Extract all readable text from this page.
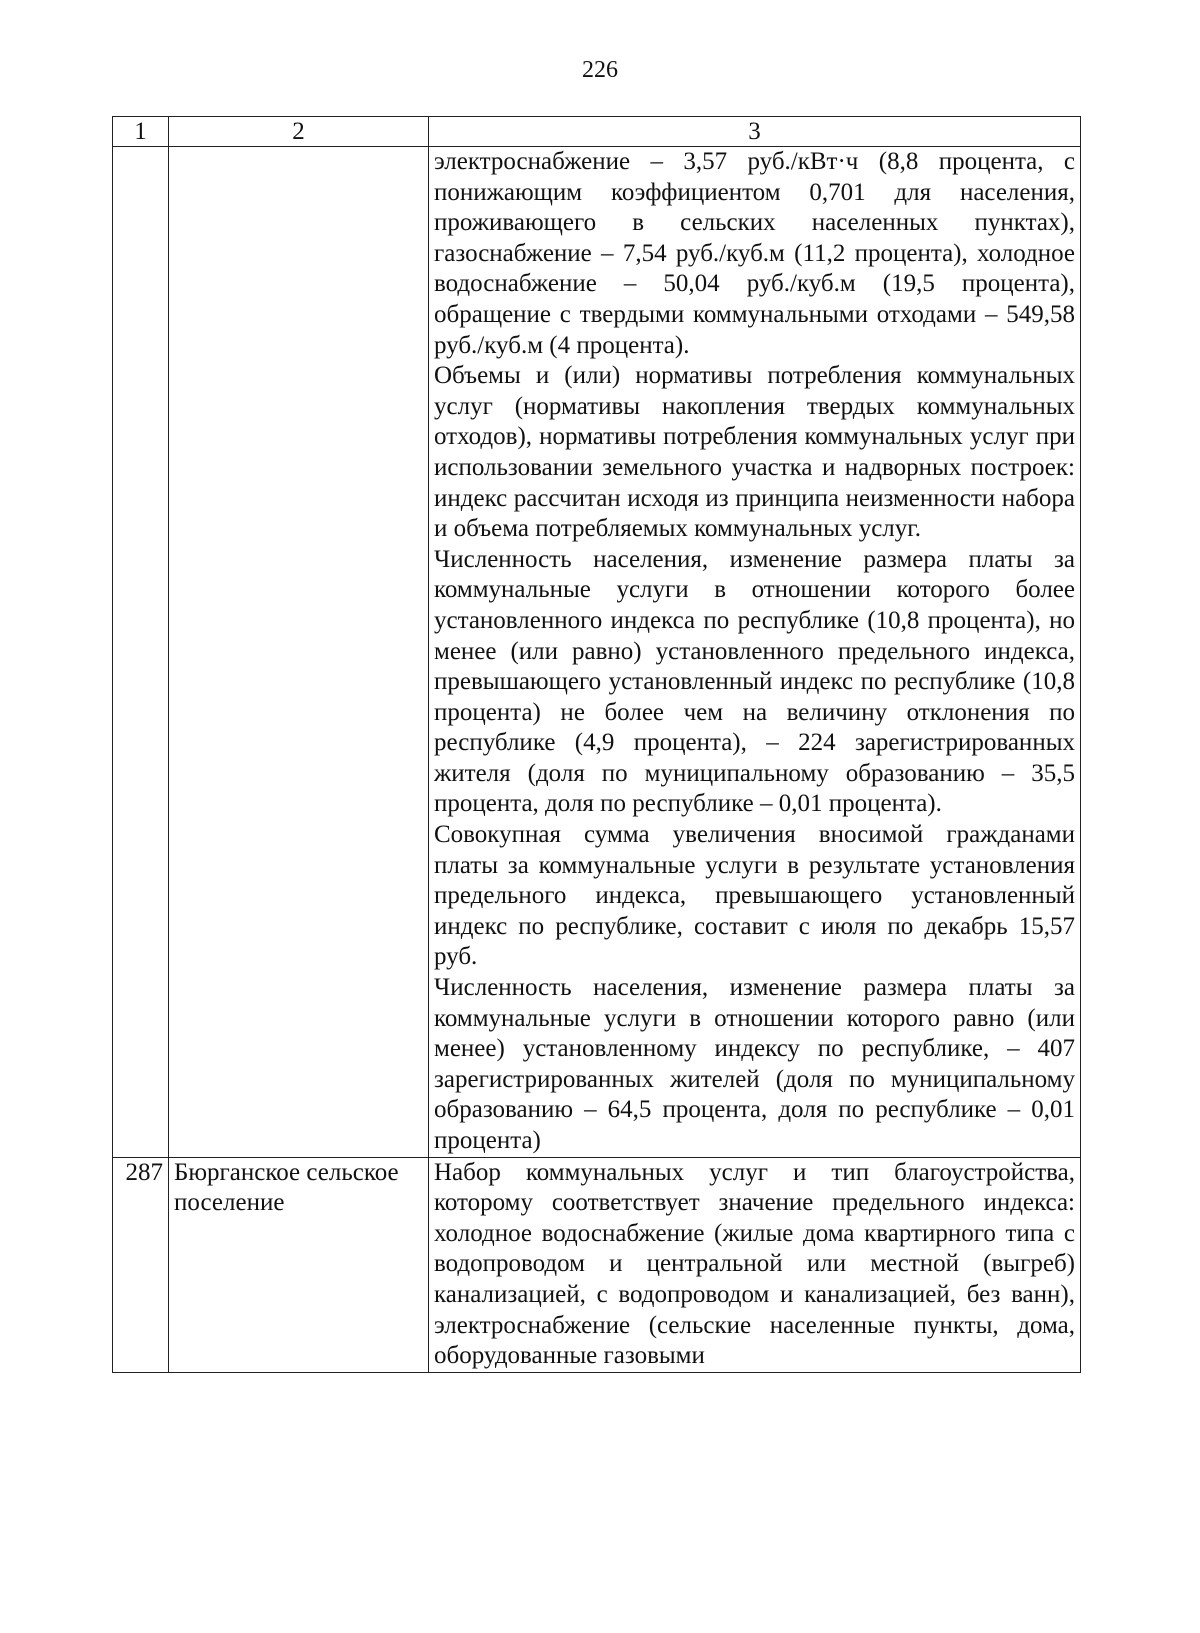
226
1	2	3

		электроснабжение – 3,57 руб./кВт·ч (8,8 процента, с понижающим коэффициентом 0,701 для населения, проживающего в сельских населенных пунктах), газоснабжение – 7,54 руб./куб.м (11,2 процента), холодное водоснабжение – 50,04 руб./куб.м (19,5 процента), обращение с твердыми коммунальными отходами – 549,58 руб./куб.м (4 процента).
Объемы и (или) нормативы потребления коммунальных услуг (нормативы накопления твердых коммунальных отходов), нормативы потребления коммунальных услуг при использовании земельного участка и надворных построек: индекс рассчитан исходя из принципа неизменности набора и объема потребляемых коммунальных услуг.
Численность населения, изменение размера платы за коммунальные услуги в отношении которого более установленного индекса по республике (10,8 процента), но менее (или равно) установленного предельного индекса, превышающего установленный индекс по республике (10,8 процента) не более чем на величину отклонения по республике (4,9 процента), – 224 зарегистрированных жителя (доля по муниципальному образованию – 35,5 процента, доля по республике – 0,01 процента).
Совокупная сумма увеличения вносимой гражданами платы за коммунальные услуги в результате установления предельного индекса, превышающего установленный индекс по республике, составит с июля по декабрь 15,57 руб.
Численность населения, изменение размера платы за коммунальные услуги в отношении которого равно (или менее) установленному индексу по республике, – 407 зарегистрированных жителей (доля по муниципальному образованию – 64,5 процента, доля по республике – 0,01 процента)

287	Бюрганское сельское поселение	Набор коммунальных услуг и тип благоустройства, которому соответствует значение предельного индекса: холодное водоснабжение (жилые дома квартирного типа с водопроводом и центральной или местной (выгреб) канализацией, с водопроводом и канализацией, без ванн), электроснабжение (сельские населенные пункты, дома, оборудованные газовыми
